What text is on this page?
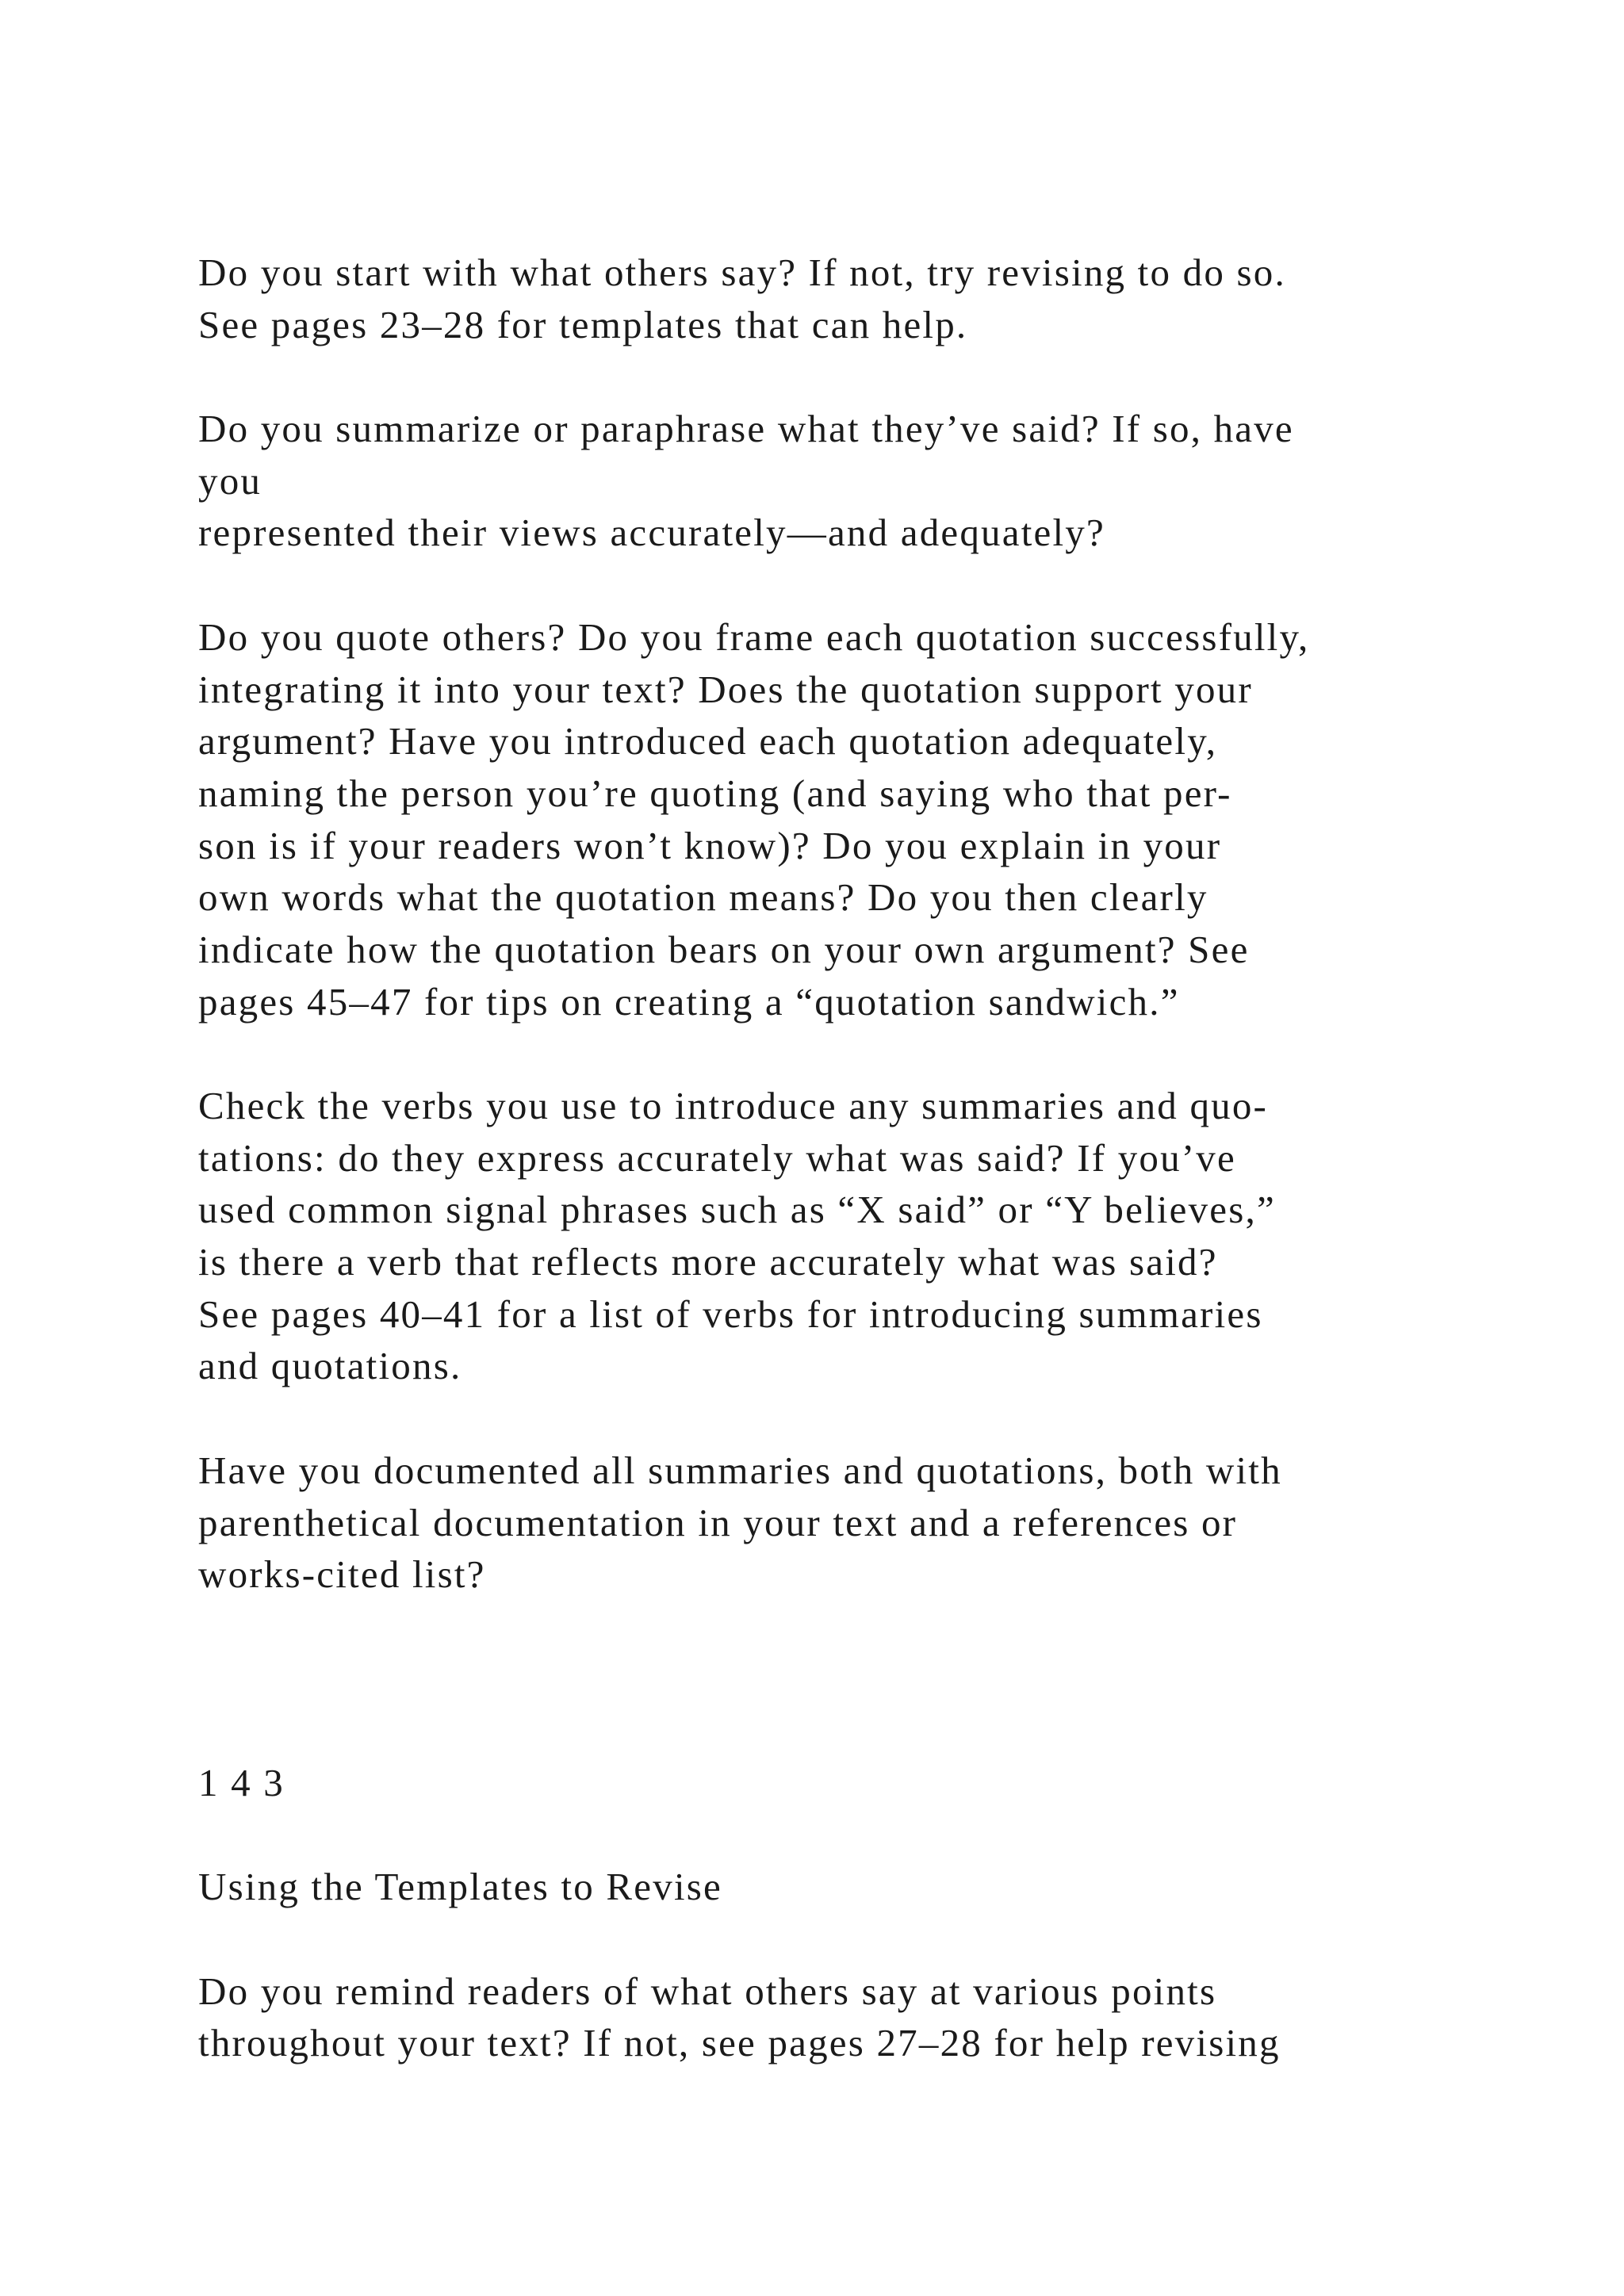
Do you start with what others say? If not, try revising to do so.
See pages 23–28 for templates that can help.
Do you summarize or paraphrase what they’ve said? If so, have
you
represented their views accurately—and adequately?
Do you quote others? Do you frame each quotation successfully,
integrating it into your text? Does the quotation support your
argument? Have you introduced each quotation adequately,
naming the person you’re quoting (and saying who that per-
son is if your readers won’t know)? Do you explain in your
own words what the quotation means? Do you then clearly
indicate how the quotation bears on your own argument? See
pages 45–47 for tips on creating a “quotation sandwich.”
Check the verbs you use to introduce any summaries and quo-
tations: do they express accurately what was said? If you’ve
used common signal phrases such as “X said” or “Y believes,”
is there a verb that reflects more accurately what was said?
See pages 40–41 for a list of verbs for introducing summaries
and quotations.
Have you documented all summaries and quotations, both with
parenthetical documentation in your text and a references or
works-cited list?
1 4 3
Using the Templates to Revise
Do you remind readers of what others say at various points
throughout your text? If not, see pages 27–28 for help revising
